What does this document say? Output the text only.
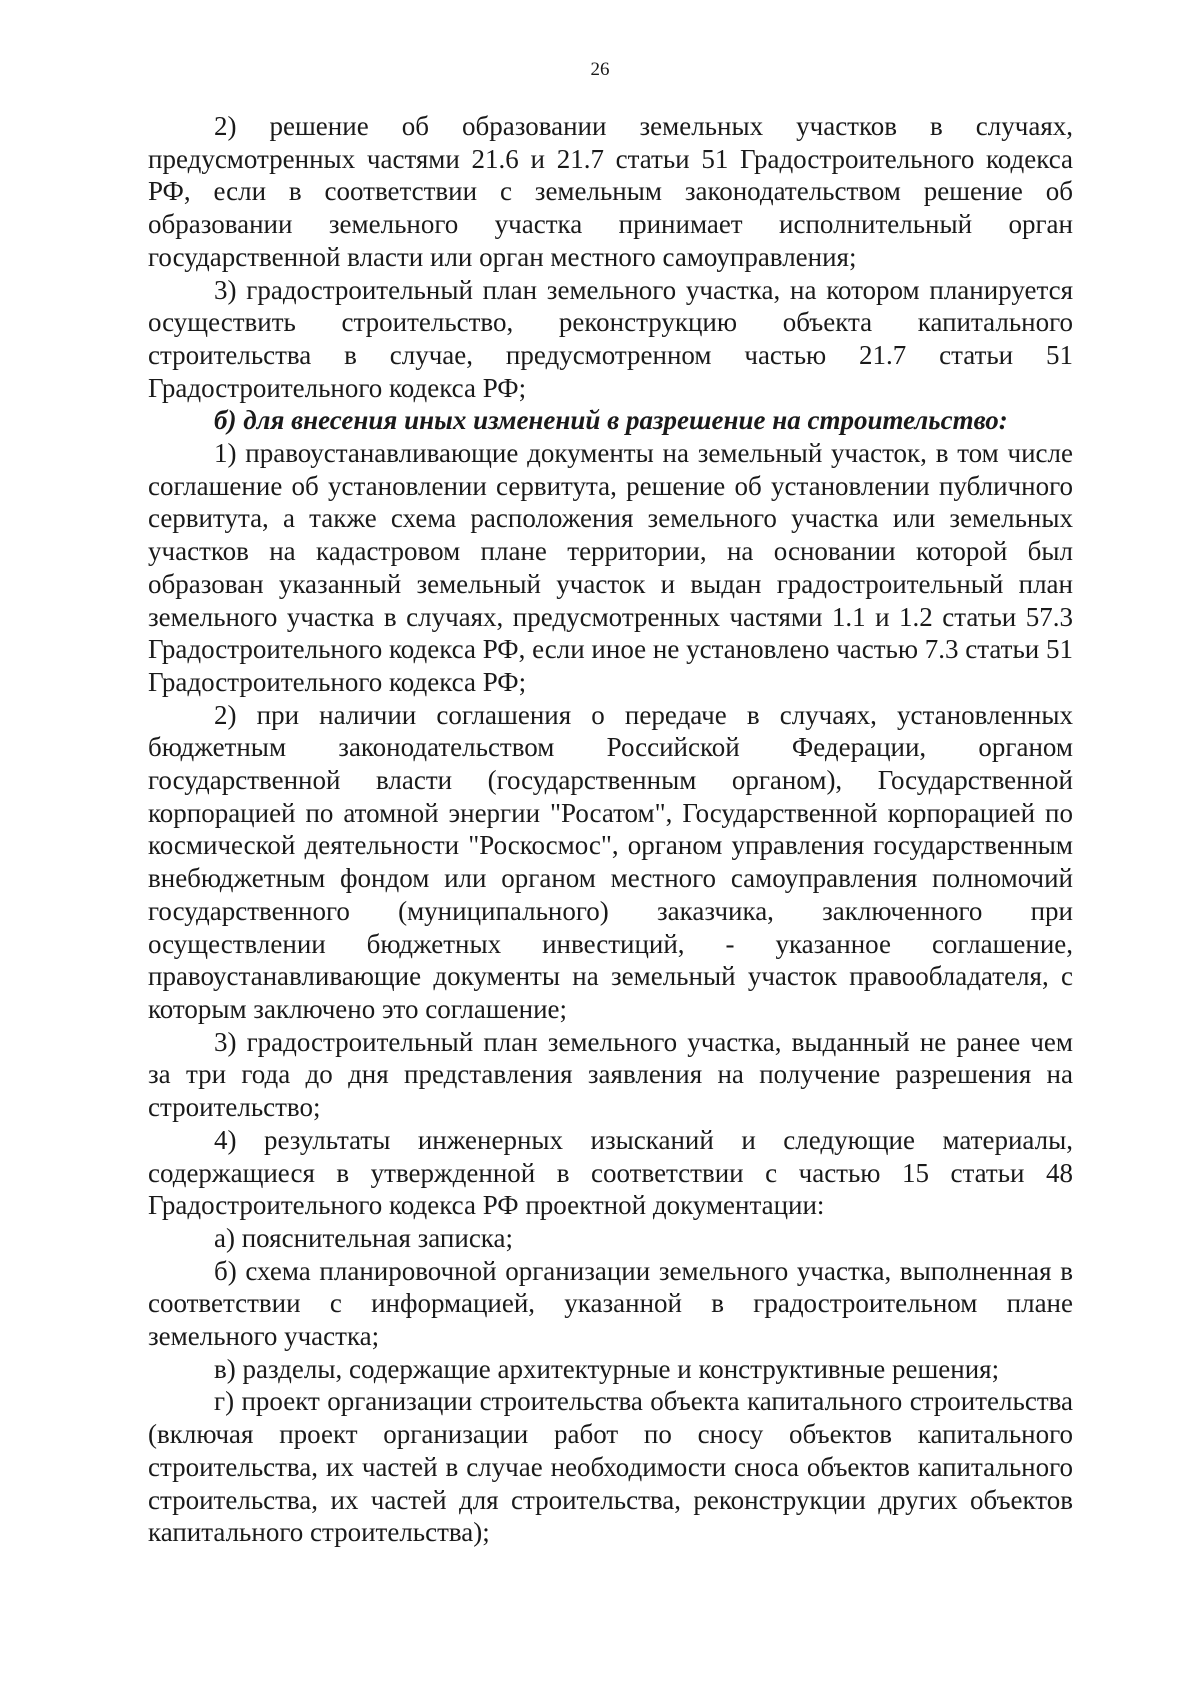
26

2) решение об образовании земельных участков в случаях, предусмотренных частями 21.6 и 21.7 статьи 51 Градостроительного кодекса РФ, если в соответствии с земельным законодательством решение об образовании земельного участка принимает исполнительный орган государственной власти или орган местного самоуправления;

3) градостроительный план земельного участка, на котором планируется осуществить строительство, реконструкцию объекта капитального строительства в случае, предусмотренном частью 21.7 статьи 51 Градостроительного кодекса РФ;

б) для внесения иных изменений в разрешение на строительство:

1) правоустанавливающие документы на земельный участок, в том числе соглашение об установлении сервитута, решение об установлении публичного сервитута, а также схема расположения земельного участка или земельных участков на кадастровом плане территории, на основании которой был образован указанный земельный участок и выдан градостроительный план земельного участка в случаях, предусмотренных частями 1.1 и 1.2 статьи 57.3 Градостроительного кодекса РФ, если иное не установлено частью 7.3 статьи 51 Градостроительного кодекса РФ;

2) при наличии соглашения о передаче в случаях, установленных бюджетным законодательством Российской Федерации, органом государственной власти (государственным органом), Государственной корпорацией по атомной энергии "Росатом", Государственной корпорацией по космической деятельности "Роскосмос", органом управления государственным внебюджетным фондом или органом местного самоуправления полномочий государственного (муниципального) заказчика, заключенного при осуществлении бюджетных инвестиций, - указанное соглашение, правоустанавливающие документы на земельный участок правообладателя, с которым заключено это соглашение;

3) градостроительный план земельного участка, выданный не ранее чем за три года до дня представления заявления на получение разрешения на строительство;

4) результаты инженерных изысканий и следующие материалы, содержащиеся в утвержденной в соответствии с частью 15 статьи 48 Градостроительного кодекса РФ проектной документации:

а) пояснительная записка;

б) схема планировочной организации земельного участка, выполненная в соответствии с информацией, указанной в градостроительном плане земельного участка;

в) разделы, содержащие архитектурные и конструктивные решения;

г) проект организации строительства объекта капитального строительства (включая проект организации работ по сносу объектов капитального строительства, их частей в случае необходимости сноса объектов капитального строительства, их частей для строительства, реконструкции других объектов капитального строительства);
